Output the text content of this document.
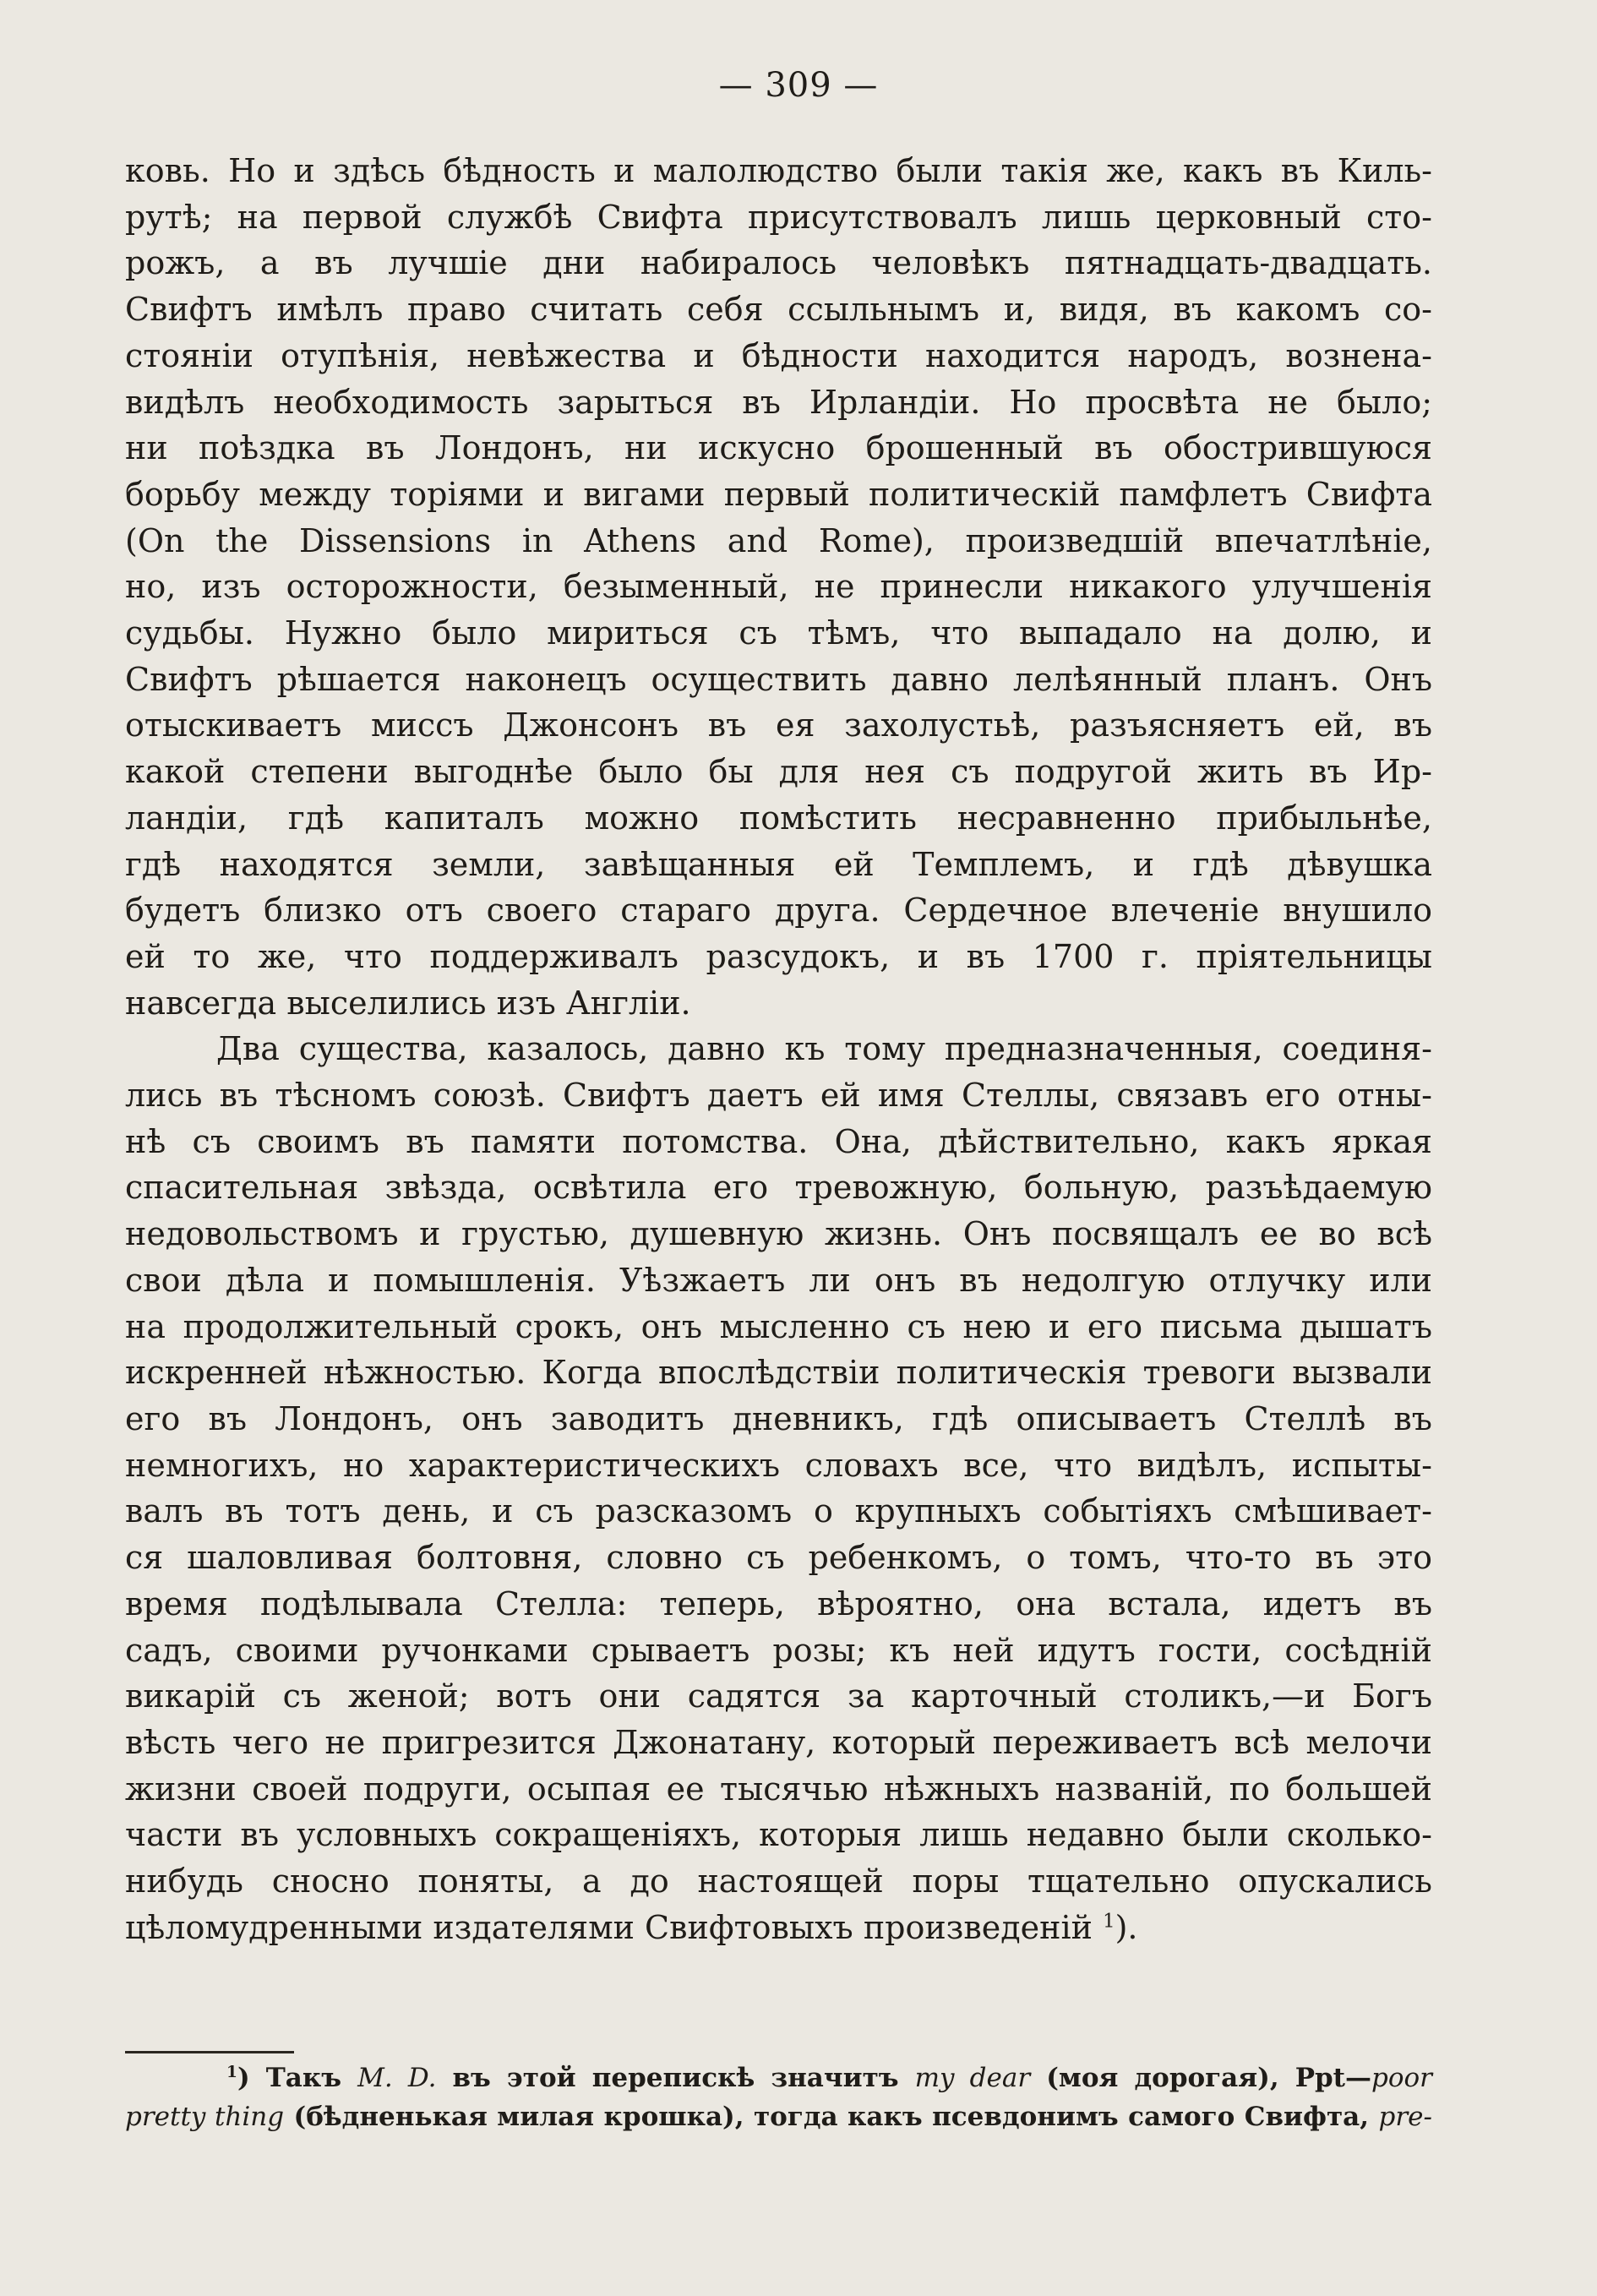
— 309 —

ковь. Но и здѣсь бѣдность и малолюдство были такія же, какъ въ Киль-
рутѣ; на первой службѣ Свифта присутствовалъ лишь церковный сто-
рожъ, а въ лучшіе дни набиралось человѣкъ пятнадцать-двадцать.
Свифтъ имѣлъ право считать себя ссыльнымъ и, видя, въ какомъ со-
стояніи отупѣнія, невѣжества и бѣдности находится народъ, вознена-
видѣлъ необходимость зарыться въ Ирландіи. Но просвѣта не было;
ни поѣздка въ Лондонъ, ни искусно брошенный въ обострившуюся
борьбу между торіями и вигами первый политическій памфлетъ Свифта
(On the Dissensions in Athens and Rome), произведшій впечатлѣніе,
но, изъ осторожности, безыменный, не принесли никакого улучшенія
судьбы. Нужно было мириться съ тѣмъ, что выпадало на долю, и
Свифтъ рѣшается наконецъ осуществить давно лелѣянный планъ. Онъ
отыскиваетъ миссъ Джонсонъ въ ея захолустьѣ, разъясняетъ ей, въ
какой степени выгоднѣе было бы для нея съ подругой жить въ Ир-
ландіи, гдѣ капиталъ можно помѣстить несравненно прибыльнѣе,
гдѣ находятся земли, завѣщанныя ей Темплемъ, и гдѣ дѣвушка
будетъ близко отъ своего стараго друга. Сердечное влеченіе внушило
ей то же, что поддерживалъ разсудокъ, и въ 1700 г. пріятельницы
навсегда выселились изъ Англіи.

Два существа, казалось, давно къ тому предназначенныя, соединя-
лись въ тѣсномъ союзѣ. Свифтъ даетъ ей имя Стеллы, связавъ его отны-
нѣ съ своимъ въ памяти потомства. Она, дѣйствительно, какъ яркая
спасительная звѣзда, освѣтила его тревожную, больную, разъѣдаемую
недовольствомъ и грустью, душевную жизнь. Онъ посвящалъ ее во всѣ
свои дѣла и помышленія. Уѣзжаетъ ли онъ въ недолгую отлучку или
на продолжительный срокъ, онъ мысленно съ нею и его письма дышатъ
искренней нѣжностью. Когда впослѣдствіи политическія тревоги вызвали
его въ Лондонъ, онъ заводитъ дневникъ, гдѣ описываетъ Стеллѣ въ
немногихъ, но характеристическихъ словахъ все, что видѣлъ, испыты-
валъ въ тотъ день, и съ разсказомъ о крупныхъ событіяхъ смѣшивает-
ся шаловливая болтовня, словно съ ребенкомъ, о томъ, что-то въ это
время подѣлывала Стелла: теперь, вѣроятно, она встала, идетъ въ
садъ, своими ручонками срываетъ розы; къ ней идутъ гости, сосѣдній
викарій съ женой; вотъ они садятся за карточный столикъ,—и Богъ
вѣсть чего не пригрезится Джонатану, который переживаетъ всѣ мелочи
жизни своей подруги, осыпая ее тысячью нѣжныхъ названій, по большей
части въ условныхъ сокращеніяхъ, которыя лишь недавно были сколько-
нибудь сносно поняты, а до настоящей поры тщательно опускались
цѣломудренными издателями Свифтовыхъ произведеній $^1$).

$^1$) Такъ M. D. въ этой перепискѣ значитъ my dear (моя дорогая), Ppt—poor
pretty thing (бѣдненькая милая крошка), тогда какъ псевдонимъ самого Свифта, pre-
